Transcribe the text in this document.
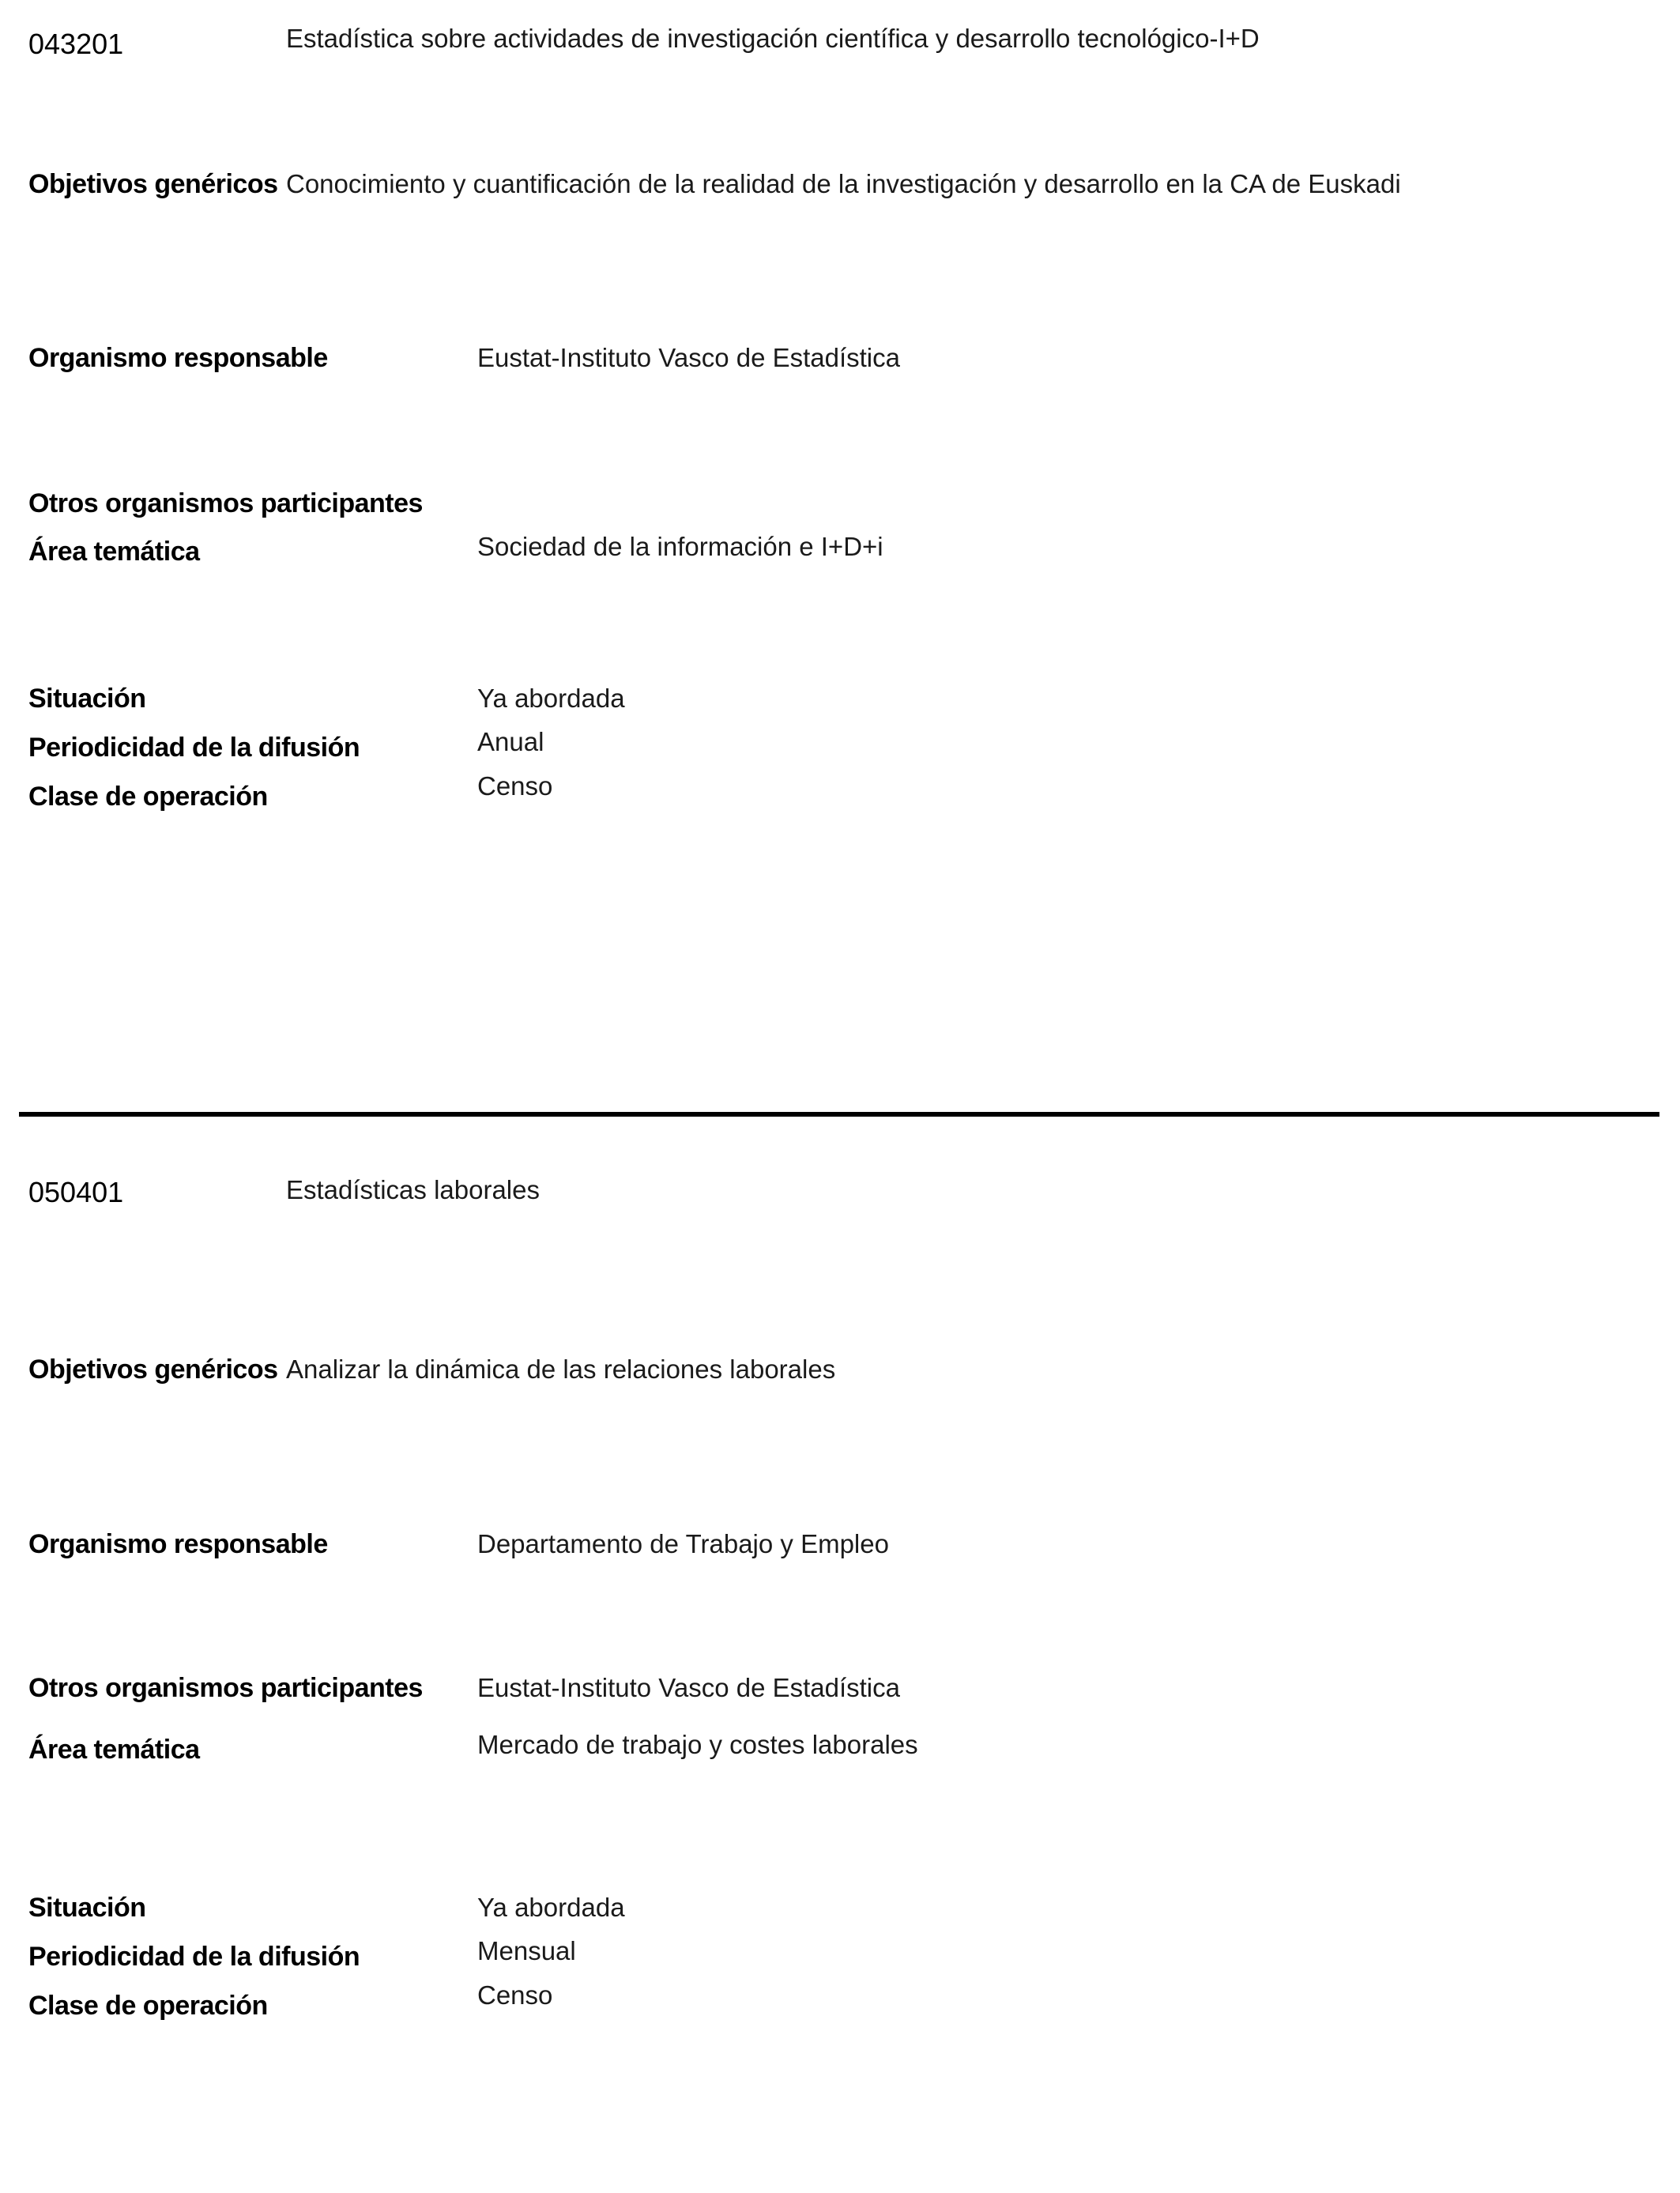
043201	Estadística sobre actividades de investigación científica y desarrollo tecnológico-I+D
Objetivos genéricos Conocimiento y cuantificación de la realidad de la investigación y desarrollo en la CA de Euskadi
Organismo responsable	Eustat-Instituto Vasco de Estadística
Otros organismos participantes
Área temática	Sociedad de la información e I+D+i
Situación	Ya abordada
Periodicidad de la difusión	Anual
Clase de operación	Censo
050401	Estadísticas laborales
Objetivos genéricos Analizar la dinámica de las relaciones laborales
Organismo responsable	Departamento de Trabajo y Empleo
Otros organismos participantes Eustat-Instituto Vasco de Estadística
Área temática	Mercado de trabajo y costes laborales
Situación	Ya abordada
Periodicidad de la difusión	Mensual
Clase de operación	Censo
